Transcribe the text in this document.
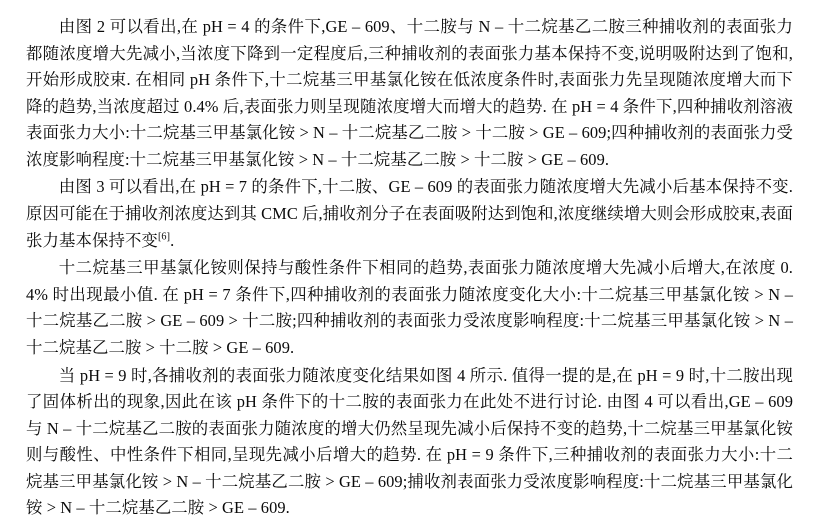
由图 2 可以看出,在 pH = 4 的条件下,GE – 609、十二胺与 N – 十二烷基乙二胺三种捕收剂的表面张力都随浓度增大先减小,当浓度下降到一定程度后,三种捕收剂的表面张力基本保持不变,说明吸附达到了饱和,开始形成胶束. 在相同 pH 条件下,十二烷基三甲基氯化铵在低浓度条件时,表面张力先呈现随浓度增大而下降的趋势,当浓度超过 0.4% 后,表面张力则呈现随浓度增大而增大的趋势. 在 pH = 4 条件下,四种捕收剂溶液表面张力大小:十二烷基三甲基氯化铵 > N – 十二烷基乙二胺 > 十二胺 > GE – 609;四种捕收剂的表面张力受浓度影响程度:十二烷基三甲基氯化铵 > N – 十二烷基乙二胺 > 十二胺 > GE – 609.

由图 3 可以看出,在 pH = 7 的条件下,十二胺、GE – 609 的表面张力随浓度增大先减小后基本保持不变. 原因可能在于捕收剂浓度达到其 CMC 后,捕收剂分子在表面吸附达到饱和,浓度继续增大则会形成胶束,表面张力基本保持不变[6].

十二烷基三甲基氯化铵则保持与酸性条件下相同的趋势,表面张力随浓度增大先减小后增大,在浓度 0.4% 时出现最小值. 在 pH = 7 条件下,四种捕收剂的表面张力随浓度变化大小:十二烷基三甲基氯化铵 > N – 十二烷基乙二胺 > GE – 609 > 十二胺;四种捕收剂的表面张力受浓度影响程度:十二烷基三甲基氯化铵 > N – 十二烷基乙二胺 > 十二胺 > GE – 609.

当 pH = 9 时,各捕收剂的表面张力随浓度变化结果如图 4 所示. 值得一提的是,在 pH = 9 时,十二胺出现了固体析出的现象,因此在该 pH 条件下的十二胺的表面张力在此处不进行讨论. 由图 4 可以看出,GE – 609 与 N – 十二烷基乙二胺的表面张力随浓度的增大仍然呈现先减小后保持不变的趋势,十二烷基三甲基氯化铵则与酸性、中性条件下相同,呈现先减小后增大的趋势. 在 pH = 9 条件下,三种捕收剂的表面张力大小:十二烷基三甲基氯化铵 > N – 十二烷基乙二胺 > GE – 609;捕收剂表面张力受浓度影响程度:十二烷基三甲基氯化铵 > N – 十二烷基乙二胺 > GE – 609.
